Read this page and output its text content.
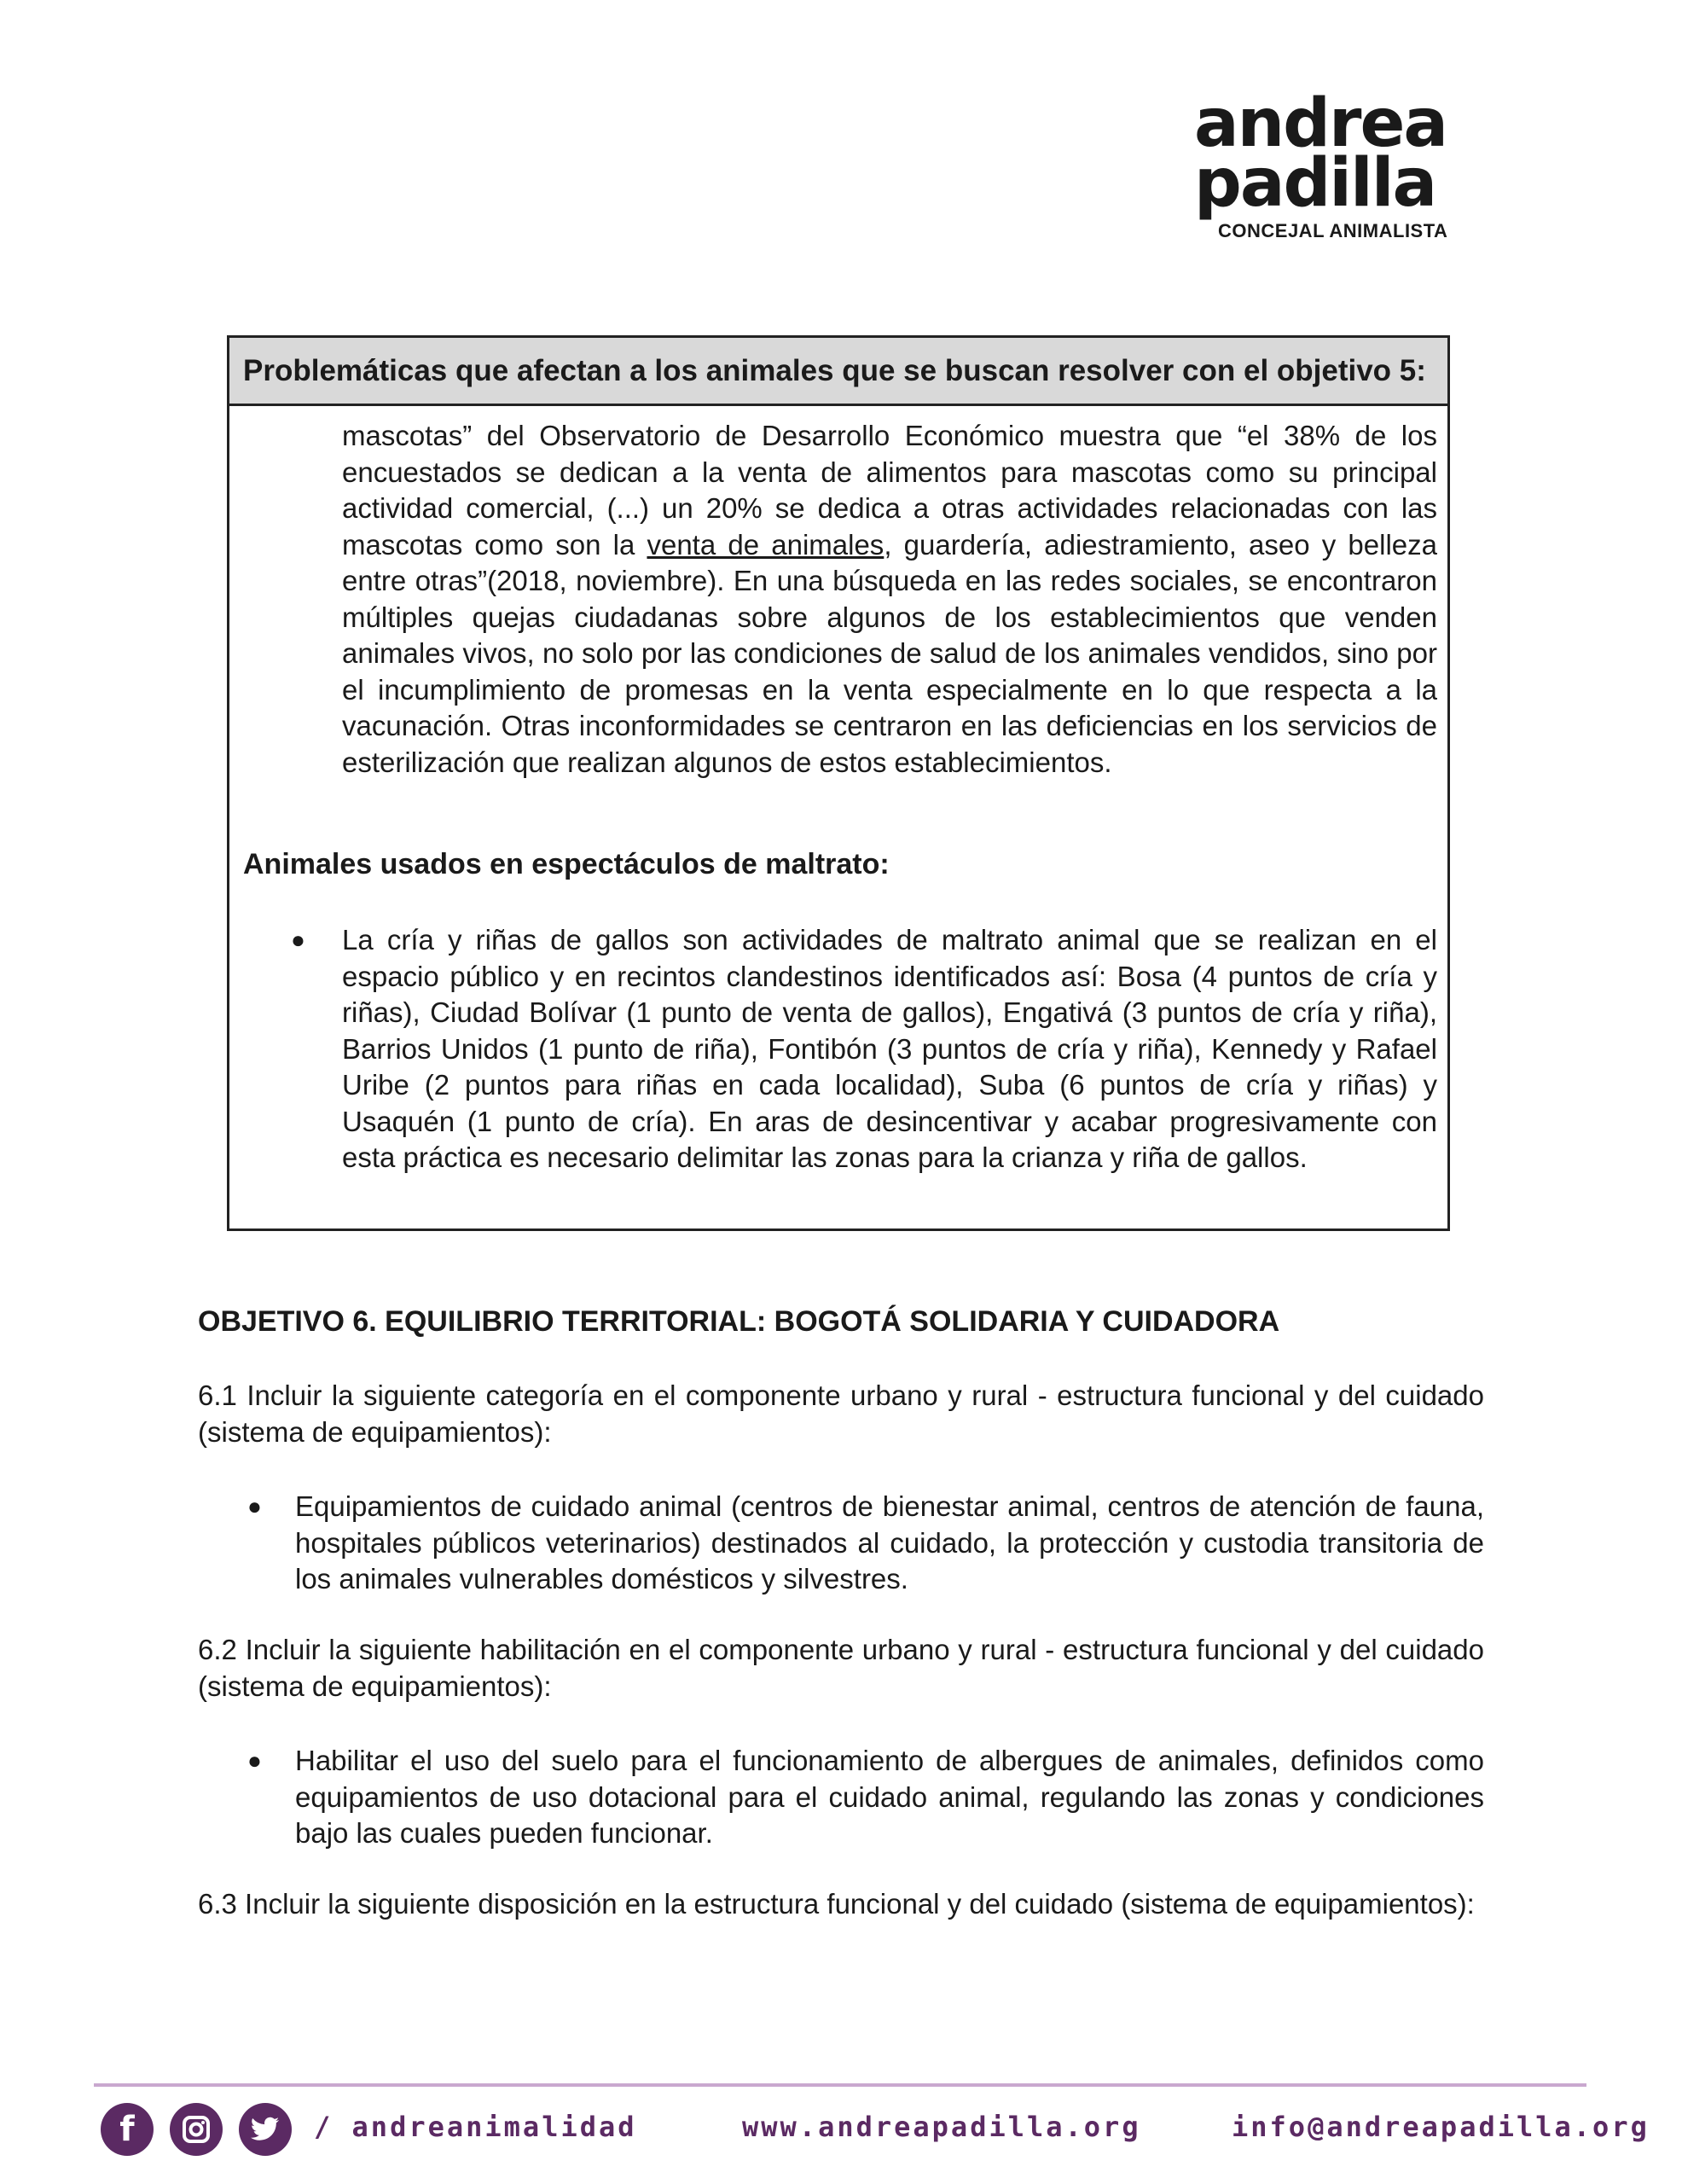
andrea
padilla
CONCEJAL ANIMALISTA
Problemáticas que afectan a los animales que se buscan resolver con el objetivo 5:
mascotas” del Observatorio de Desarrollo Económico muestra que “el 38% de los encuestados se dedican a la venta de alimentos para mascotas como su principal actividad comercial, (...) un 20% se dedica a otras actividades relacionadas con las mascotas como son la venta de animales, guardería, adiestramiento, aseo y belleza entre otras”(2018, noviembre). En una búsqueda en las redes sociales, se encontraron múltiples quejas ciudadanas sobre algunos de los establecimientos que venden animales vivos, no solo por las condiciones de salud de los animales vendidos, sino por el incumplimiento de promesas en la venta especialmente en lo que respecta a la vacunación. Otras inconformidades se centraron en las deficiencias en los servicios de esterilización que realizan algunos de estos establecimientos.
Animales usados en espectáculos de maltrato:
● La cría y riñas de gallos son actividades de maltrato animal que se realizan en el espacio público y en recintos clandestinos identificados así: Bosa (4 puntos de cría y riñas), Ciudad Bolívar (1 punto de venta de gallos), Engativá (3 puntos de cría y riña), Barrios Unidos (1 punto de riña), Fontibón (3 puntos de cría y riña), Kennedy y Rafael Uribe (2 puntos para riñas en cada localidad), Suba (6 puntos de cría y riñas) y Usaquén (1 punto de cría). En aras de desincentivar y acabar progresivamente con esta práctica es necesario delimitar las zonas para la crianza y riña de gallos.
OBJETIVO 6. EQUILIBRIO TERRITORIAL: BOGOTÁ SOLIDARIA Y CUIDADORA
6.1 Incluir la siguiente categoría en el componente urbano y rural - estructura funcional y del cuidado (sistema de equipamientos):
● Equipamientos de cuidado animal (centros de bienestar animal, centros de atención de fauna, hospitales públicos veterinarios) destinados al cuidado, la protección y custodia transitoria de los animales vulnerables domésticos y silvestres.
6.2 Incluir la siguiente habilitación en el componente urbano y rural - estructura funcional y del cuidado (sistema de equipamientos):
● Habilitar el uso del suelo para el funcionamiento de albergues de animales, definidos como equipamientos de uso dotacional para el cuidado animal, regulando las zonas y condiciones bajo las cuales pueden funcionar.
6.3 Incluir la siguiente disposición en la estructura funcional y del cuidado (sistema de equipamientos):
f	/ andreanimalidad	www.andreapadilla.org	info@andreapadilla.org
